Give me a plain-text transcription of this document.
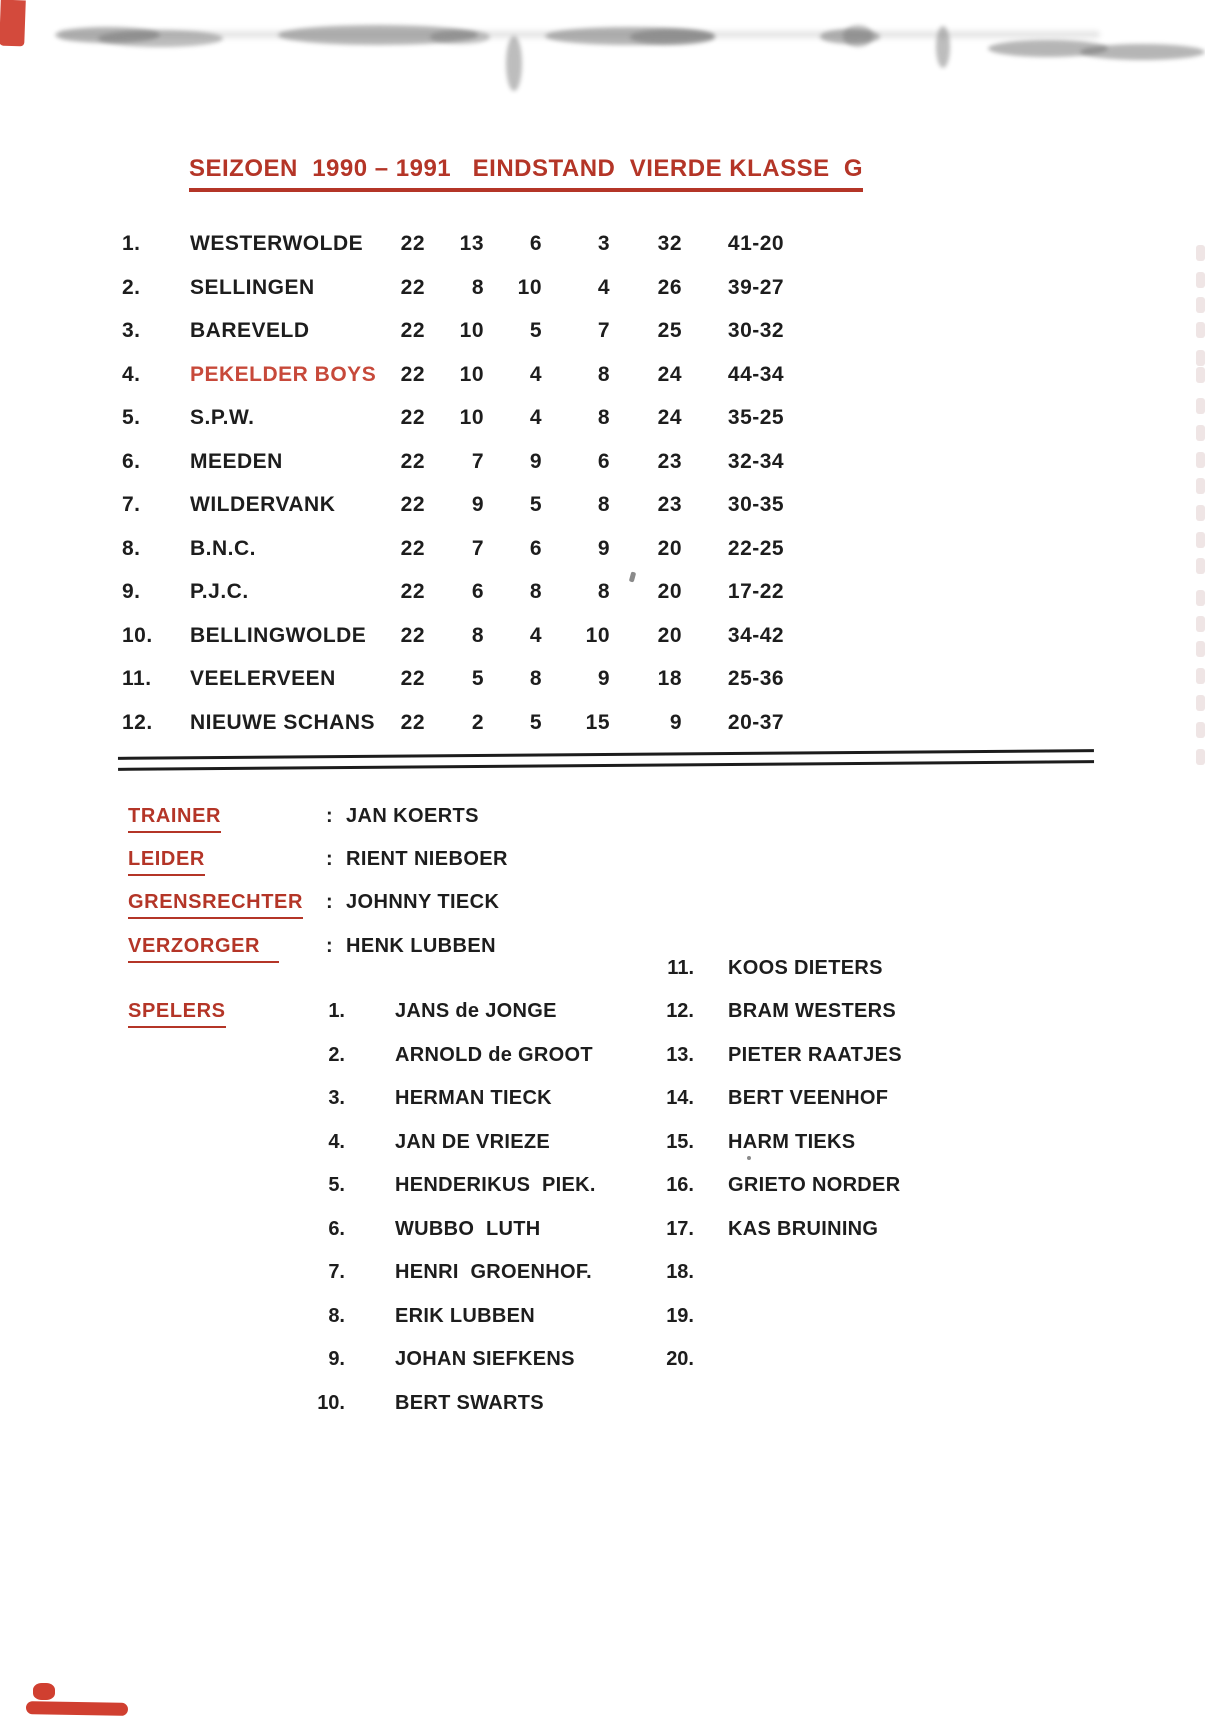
SEIZOEN  1990 – 1991   EINDSTAND  VIERDE KLASSE  G
1.	WESTERWOLDE	22	13	6	3	32	41-20
2.	SELLINGEN	22	8	10	4	26	39-27
3.	BAREVELD	22	10	5	7	25	30-32
4.	PEKELDER BOYS	22	10	4	8	24	44-34
5.	S.P.W.	22	10	4	8	24	35-25
6.	MEEDEN	22	7	9	6	23	32-34
7.	WILDERVANK	22	9	5	8	23	30-35
8.	B.N.C.	22	7	6	9	20	22-25
9.	P.J.C.	22	6	8	8	20	17-22
10.	BELLINGWOLDE	22	8	4	10	20	34-42
11.	VEELERVEEN	22	5	8	9	18	25-36
12.	NIEUWE SCHANS	22	2	5	15	9	20-37
TRAINER	: JAN KOERTS
LEIDER	: RIENT NIEBOER
GRENSRECHTER : JOHNNY TIECK
VERZORGER : HENK LUBBEN
SPELERS	1.	JANS de JONGE
2.	ARNOLD de GROOT
3.	HERMAN TIECK
4.	JAN DE VRIEZE
5.	HENDERIKUS  PIEK.
6.	WUBBO  LUTH
7.	HENRI  GROENHOF.
8.	ERIK LUBBEN
9.	JOHAN SIEFKENS
10.	BERT SWARTS
11. KOOS DIETERS
12. BRAM WESTERS
13. PIETER RAATJES
14. BERT VEENHOF
15. HARM TIEKS
16. GRIETO NORDER
17. KAS BRUINING
18.
19.
20.
